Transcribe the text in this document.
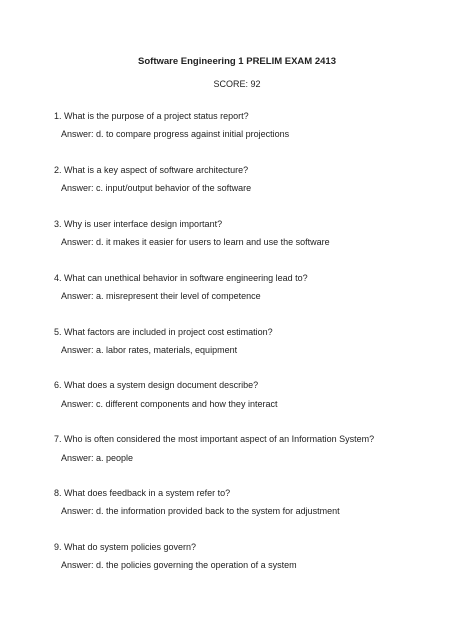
Software Engineering 1 PRELIM EXAM 2413
SCORE: 92
1. What is the purpose of a project status report?
Answer: d. to compare progress against initial projections
2. What is a key aspect of software architecture?
Answer: c. input/output behavior of the software
3. Why is user interface design important?
Answer: d. it makes it easier for users to learn and use the software
4. What can unethical behavior in software engineering lead to?
Answer: a. misrepresent their level of competence
5. What factors are included in project cost estimation?
Answer: a. labor rates, materials, equipment
6. What does a system design document describe?
Answer: c. different components and how they interact
7. Who is often considered the most important aspect of an Information System?
Answer: a. people
8. What does feedback in a system refer to?
Answer: d. the information provided back to the system for adjustment
9. What do system policies govern?
Answer: d. the policies governing the operation of a system
